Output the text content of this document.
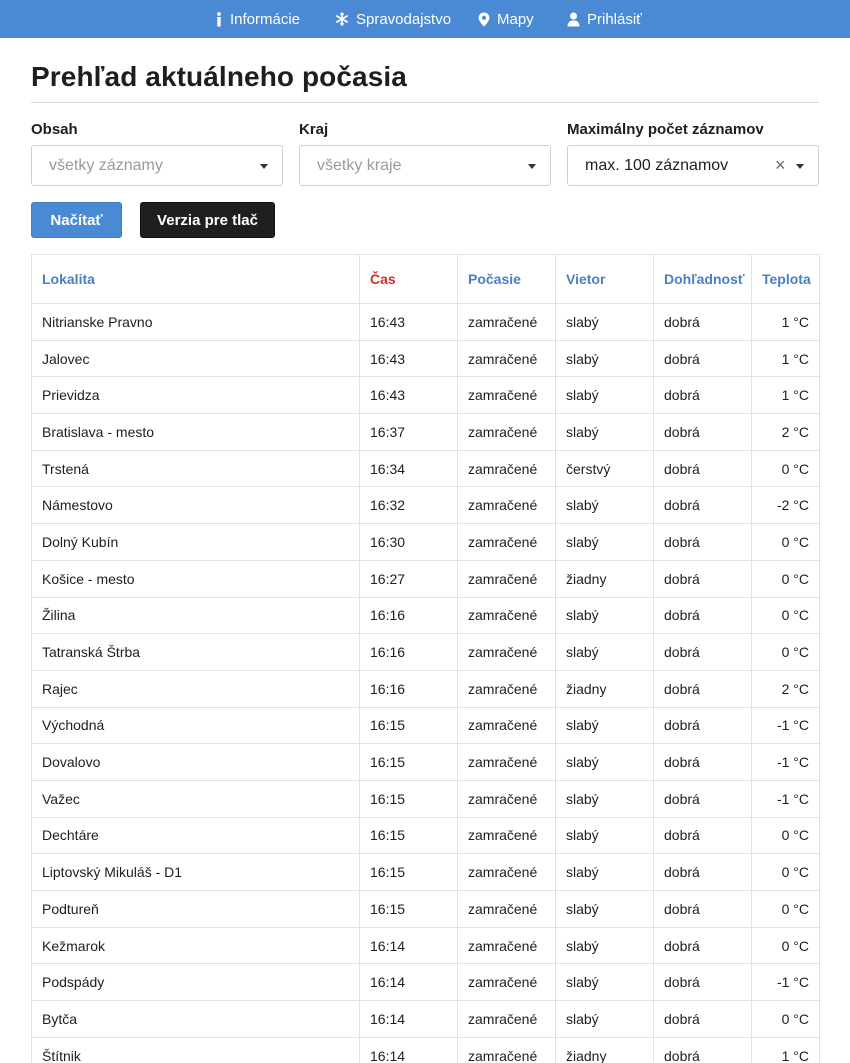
Informácie	Spravodajstvo	Mapy	Prihlásiť
Prehľad aktuálneho počasia
Obsah	Kraj	Maximálny počet záznamov
všetky záznamy	všetky kraje	max. 100 záznamov	×
Načítať	Verzia pre tlač
Lokalita	Čas	Počasie	Vietor	Dohľadnosť	Teplota
Nitrianske Pravno	16:43	zamračené	slabý	dobrá	1 °C
Jalovec	16:43	zamračené	slabý	dobrá	1 °C
Prievidza	16:43	zamračené	slabý	dobrá	1 °C
Bratislava - mesto	16:37	zamračené	slabý	dobrá	2 °C
Trstená	16:34	zamračené	čerstvý	dobrá	0 °C
Námestovo	16:32	zamračené	slabý	dobrá	-2 °C
Dolný Kubín	16:30	zamračené	slabý	dobrá	0 °C
Košice - mesto	16:27	zamračené	žiadny	dobrá	0 °C
Žilina	16:16	zamračené	slabý	dobrá	0 °C
Tatranská Štrba	16:16	zamračené	slabý	dobrá	0 °C
Rajec	16:16	zamračené	žiadny	dobrá	2 °C
Východná	16:15	zamračené	slabý	dobrá	-1 °C
Dovalovo	16:15	zamračené	slabý	dobrá	-1 °C
Važec	16:15	zamračené	slabý	dobrá	-1 °C
Dechtáre	16:15	zamračené	slabý	dobrá	0 °C
Liptovský Mikuláš - D1	16:15	zamračené	slabý	dobrá	0 °C
Podtureň	16:15	zamračené	slabý	dobrá	0 °C
Kežmarok	16:14	zamračené	slabý	dobrá	0 °C
Podspády	16:14	zamračené	slabý	dobrá	-1 °C
Bytča	16:14	zamračené	slabý	dobrá	0 °C
Štítnik	16:14	zamračené	žiadny	dobrá	1 °C
